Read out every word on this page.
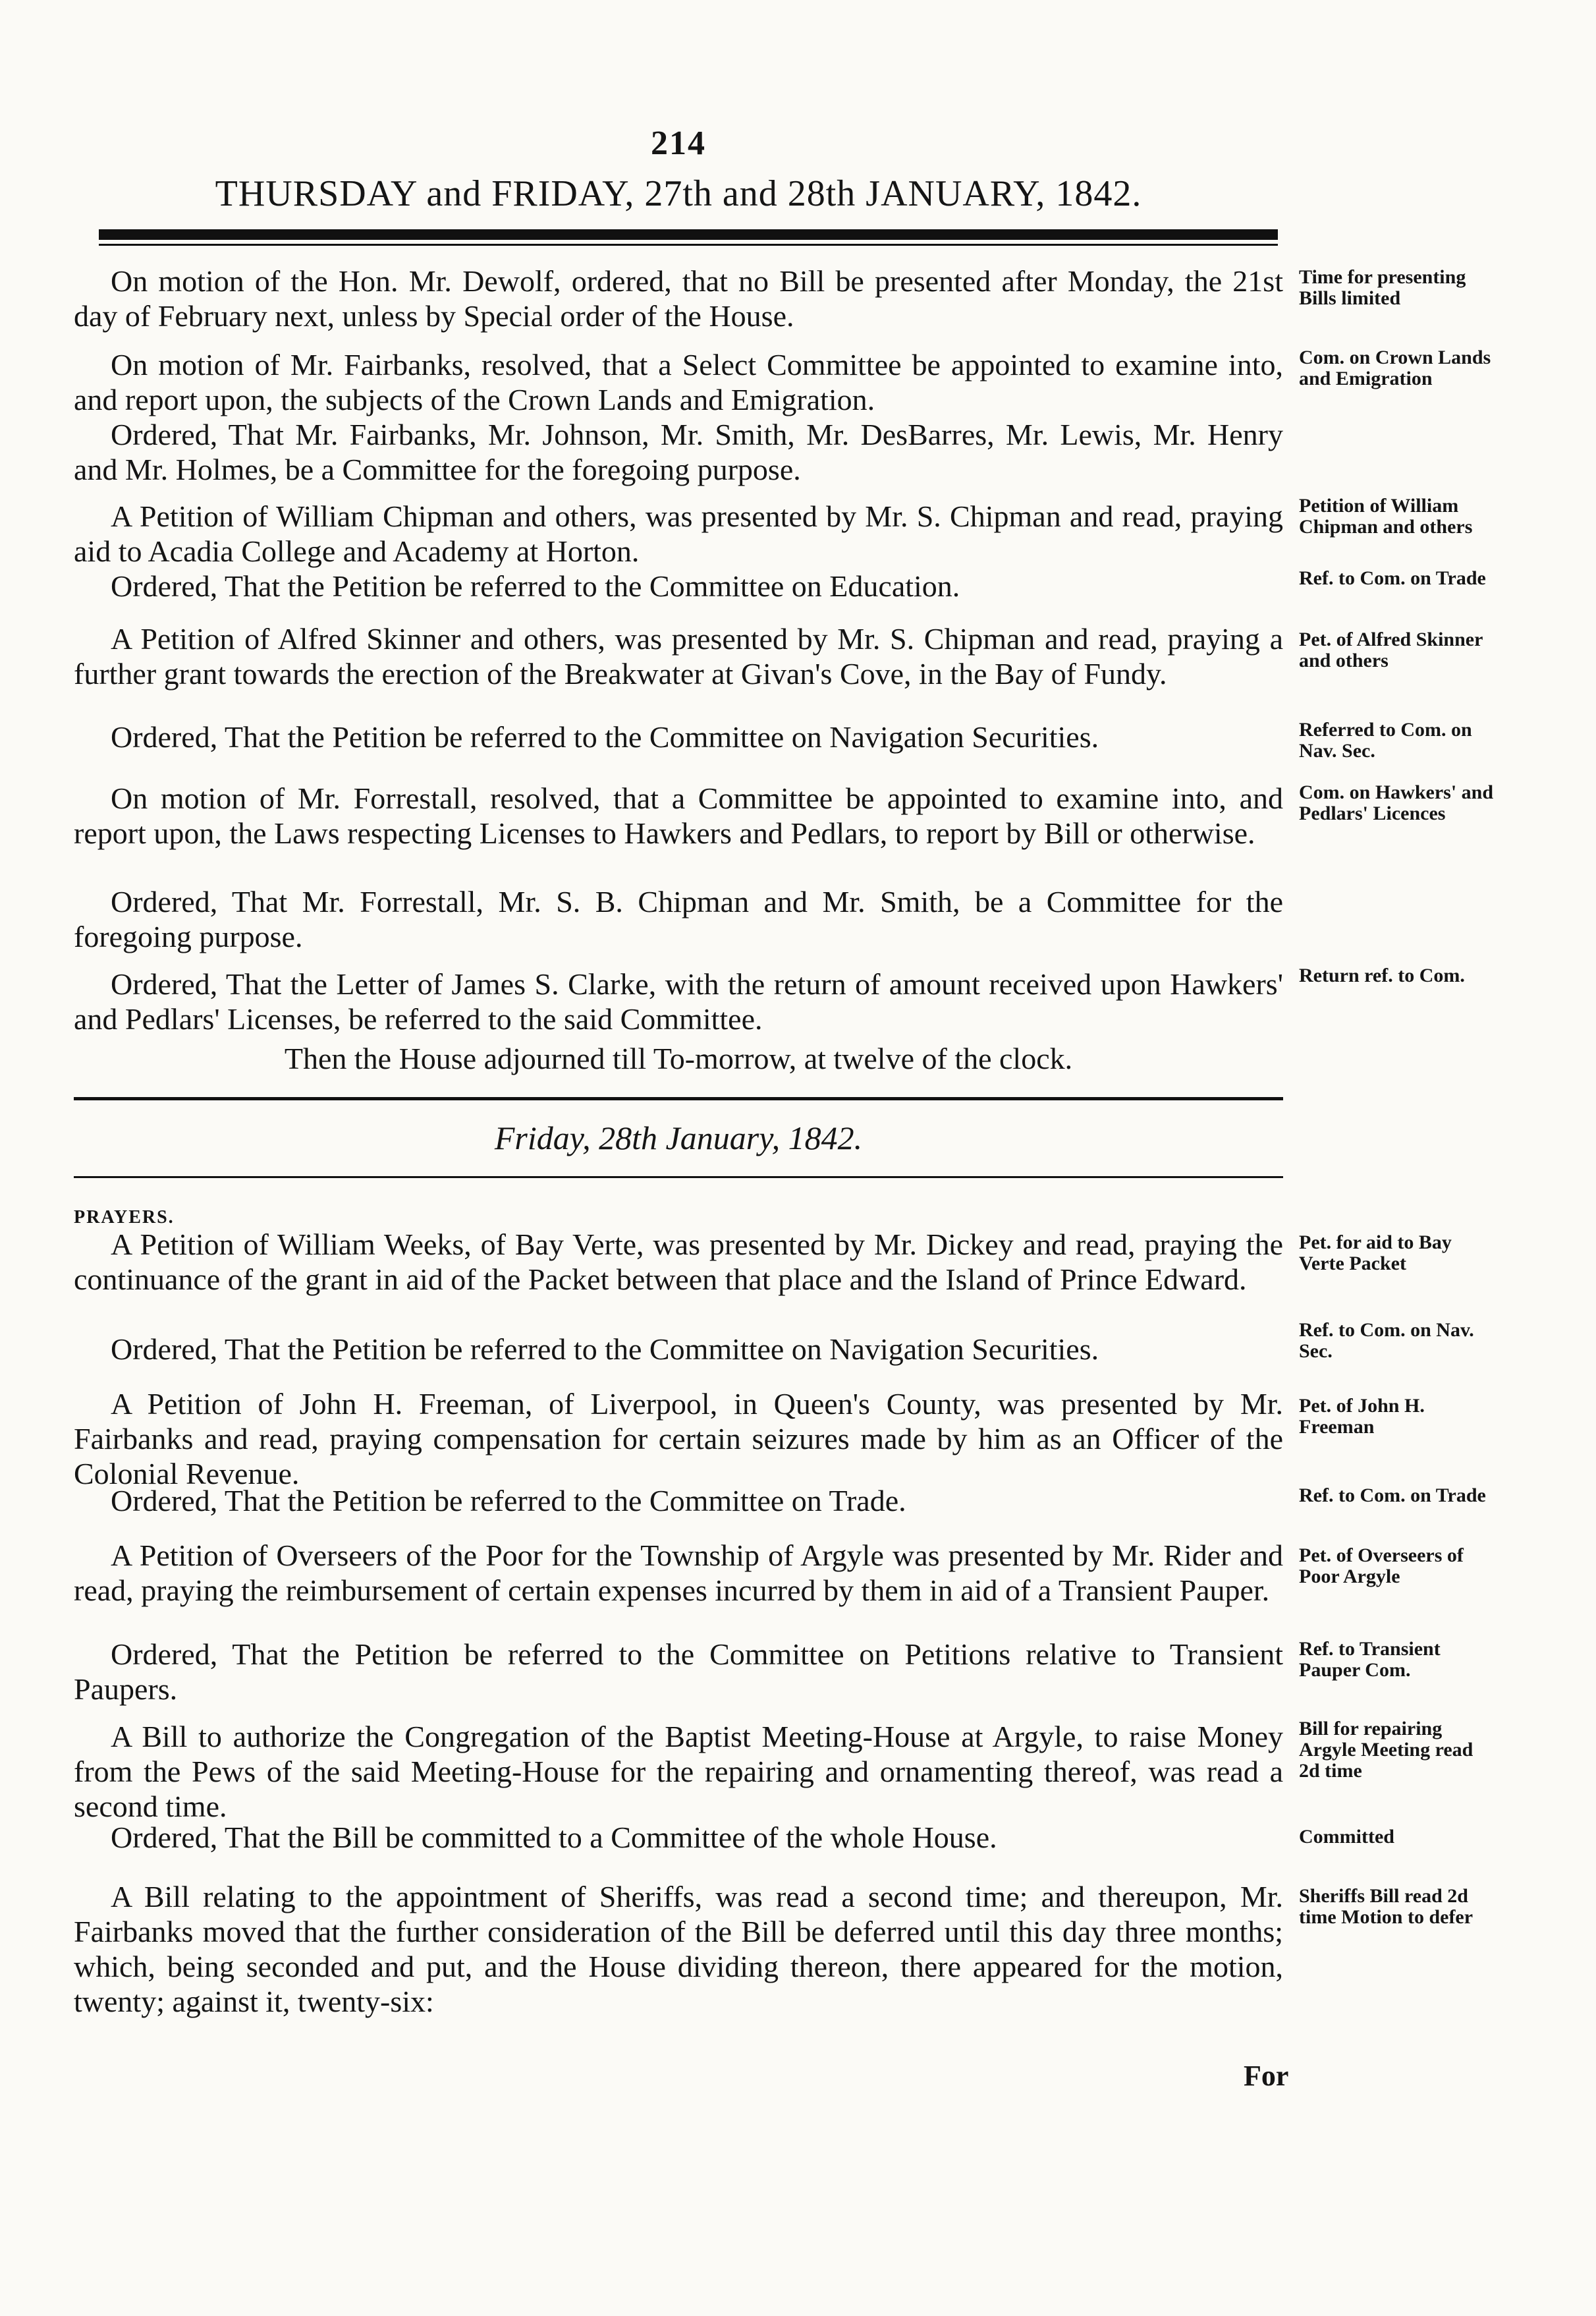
214
THURSDAY and FRIDAY, 27th and 28th JANUARY, 1842.

On motion of the Hon. Mr. Dewolf, ordered, that no Bill be presented after Monday, the 21st day of February next, unless by Special order of the House.

Time for presenting Bills limited

On motion of Mr. Fairbanks, resolved, that a Select Committee be appointed to examine into, and report upon, the subjects of the Crown Lands and Emigration.

Com. on Crown Lands and Emigration

Ordered, That Mr. Fairbanks, Mr. Johnson, Mr. Smith, Mr. DesBarres, Mr. Lewis, Mr. Henry and Mr. Holmes, be a Committee for the foregoing purpose.

A Petition of William Chipman and others, was presented by Mr. S. Chipman and read, praying aid to Acadia College and Academy at Horton.

Petition of William Chipman and others

Ordered, That the Petition be referred to the Committee on Education.	Ref. to Com. on Trade

A Petition of Alfred Skinner and others, was presented by Mr. S. Chipman and read, praying a further grant towards the erection of the Breakwater at Givan's Cove, in the Bay of Fundy.

Pet. of Alfred Skinner and others

Ordered, That the Petition be referred to the Committee on Navigation Securities.	Referred to Com. on Nav. Sec.

On motion of Mr. Forrestall, resolved, that a Committee be appointed to examine into, and report upon, the Laws respecting Licenses to Hawkers and Pedlars, to report by Bill or otherwise.

Com. on Hawkers' and Pedlars' Licences

Ordered, That Mr. Forrestall, Mr. S. B. Chipman and Mr. Smith, be a Committee for the foregoing purpose.

Ordered, That the Letter of James S. Clarke, with the return of amount received upon Hawkers' and Pedlars' Licenses, be referred to the said Committee.

Return ref. to Com.

Then the House adjourned till To-morrow, at twelve of the clock.

Friday, 28th January, 1842.
PRAYERS.

A Petition of William Weeks, of Bay Verte, was presented by Mr. Dickey and read, praying the continuance of the grant in aid of the Packet between that place and the Island of Prince Edward.

Pet. for aid to Bay Verte Packet

Ordered, That the Petition be referred to the Committee on Navigation Securities.

Ref. to Com. on Nav. Sec.

A Petition of John H. Freeman, of Liverpool, in Queen's County, was presented by Mr. Fairbanks and read, praying compensation for certain seizures made by him as an Officer of the Colonial Revenue.

Pet. of John H. Freeman

Ordered, That the Petition be referred to the Committee on Trade.	Ref. to Com. on Trade

A Petition of Overseers of the Poor for the Township of Argyle was presented by Mr. Rider and read, praying the reimbursement of certain expenses incurred by them in aid of a Transient Pauper.

Pet. of Overseers of Poor Argyle

Ordered, That the Petition be referred to the Committee on Petitions relative to Transient Paupers.

Ref. to Transient Pauper Com.

A Bill to authorize the Congregation of the Baptist Meeting-House at Argyle, to raise Money from the Pews of the said Meeting-House for the repairing and ornamenting thereof, was read a second time.

Bill for repairing Argyle Meeting read 2d time

Ordered, That the Bill be committed to a Committee of the whole House.	Committed

A Bill relating to the appointment of Sheriffs, was read a second time; and thereupon, Mr. Fairbanks moved that the further consideration of the Bill be deferred until this day three months; which, being seconded and put, and the House dividing thereon, there appeared for the motion, twenty; against it, twenty-six:

Sheriffs Bill read 2d time Motion to defer
For
